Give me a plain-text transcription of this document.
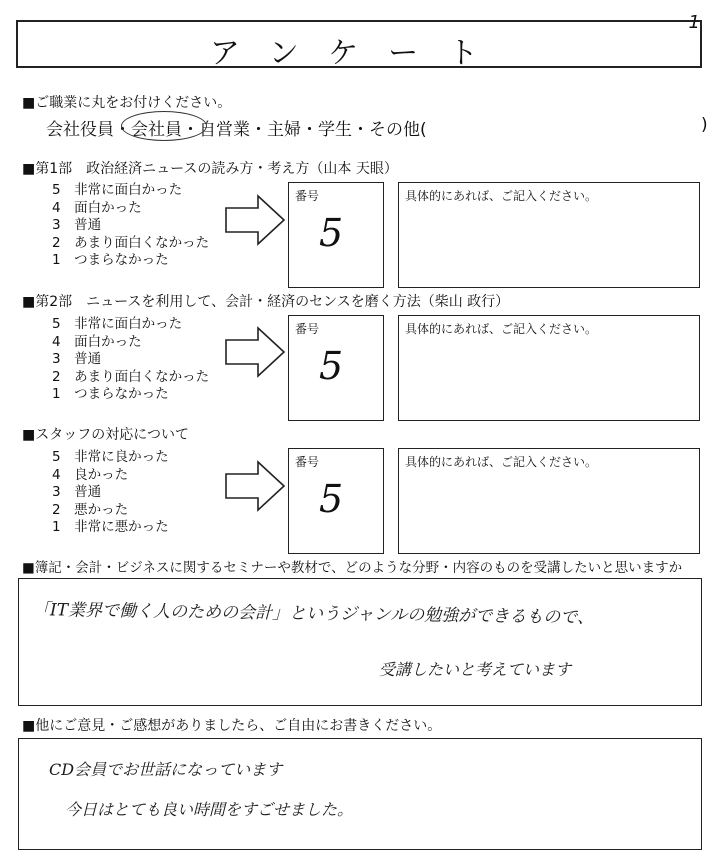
アンケート
1
■ご職業に丸をお付けください。
会社役員・会社員・自営業・主婦・学生・その他(	)
■第1部　政治経済ニュースの読み方・考え方（山本 天眼）
5　非常に面白かった
4　面白かった
3　普通
2　あまり面白くなかった
1　つまらなかった
番号
5
具体的にあれば、ご記入ください。
■第2部　ニュースを利用して、会計・経済のセンスを磨く方法（柴山 政行）
5　非常に面白かった
4　面白かった
3　普通
2　あまり面白くなかった
1　つまらなかった
番号
5
具体的にあれば、ご記入ください。
■スタッフの対応について
5　非常に良かった
4　良かった
3　普通
2　悪かった
1　非常に悪かった
番号
5
具体的にあれば、ご記入ください。
■簿記・会計・ビジネスに関するセミナーや教材で、どのような分野・内容のものを受講したいと思いますか
「IT業界で働く人のための会計」というジャンルの勉強ができるもので、
受講したいと考えています
■他にご意見・ご感想がありましたら、ご自由にお書きください。
CD会員でお世話になっています
今日はとても良い時間をすごせました。
